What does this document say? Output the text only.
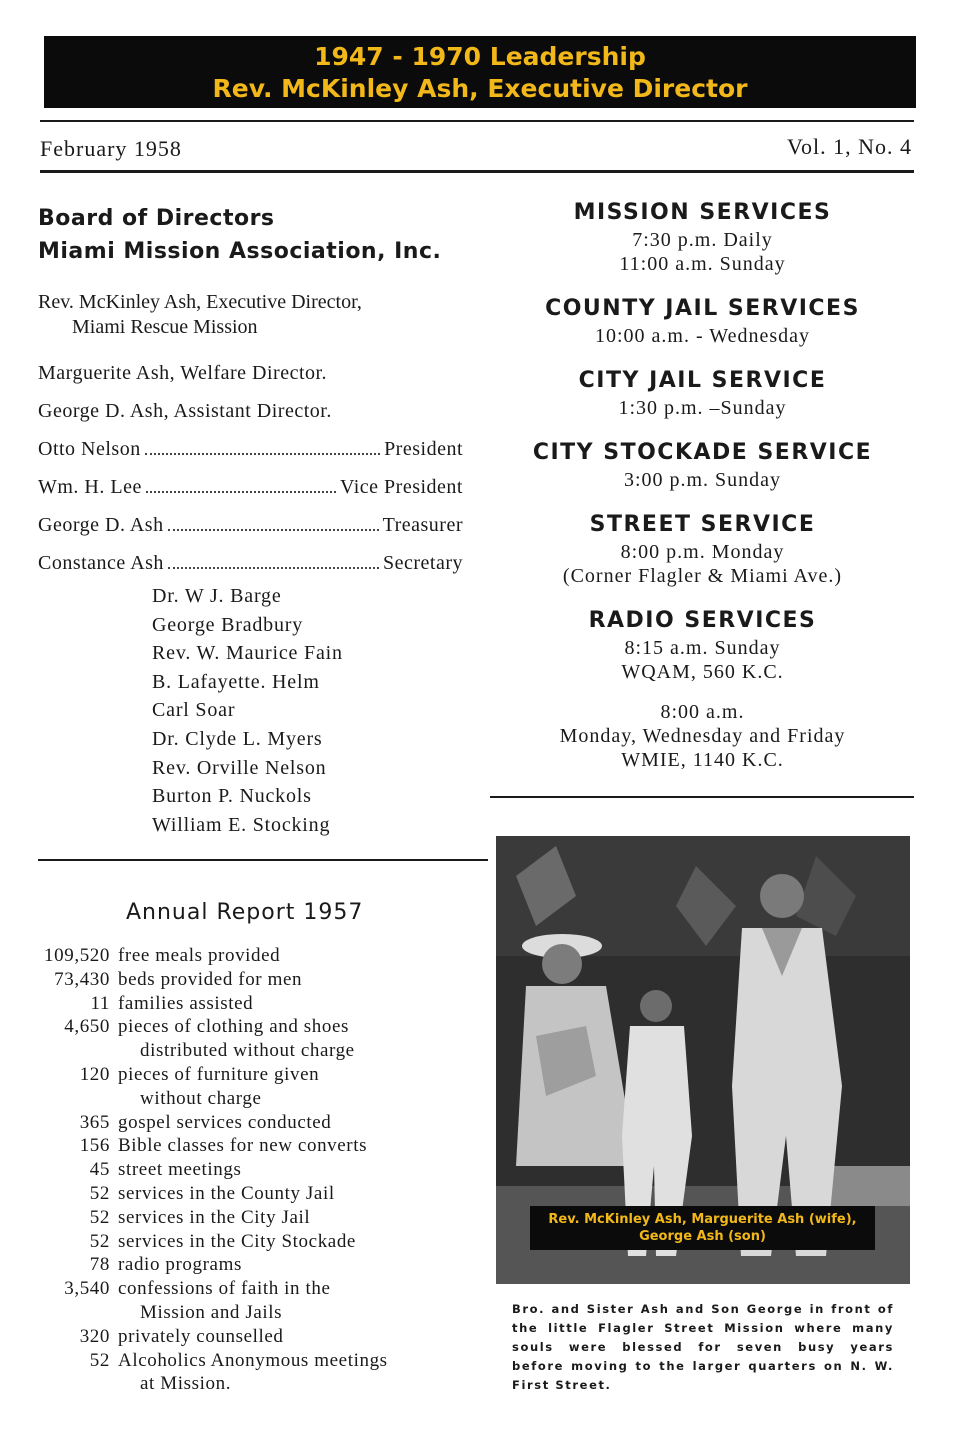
1947 - 1970 Leadership
Rev. McKinley Ash, Executive Director
February 1958	Vol. 1, No. 4
Board of Directors
Miami Mission Association, Inc.
Rev. McKinley Ash, Executive Director,
Miami Rescue Mission
Marguerite Ash, Welfare Director.
George D. Ash, Assistant Director.
Otto Nelson	President
Wm. H. Lee	Vice President
George D. Ash	Treasurer
Constance Ash	Secretary
Dr. W J. Barge
George Bradbury
Rev. W. Maurice Fain
B. Lafayette. Helm
Carl Soar
Dr. Clyde L. Myers
Rev. Orville Nelson
Burton P. Nuckols
William E. Stocking
MISSION SERVICES
7:30 p.m. Daily
11:00 a.m. Sunday
COUNTY JAIL SERVICES
10:00 a.m. - Wednesday
CITY JAIL SERVICE
1:30 p.m. –Sunday
CITY STOCKADE SERVICE
3:00 p.m. Sunday
STREET SERVICE
8:00 p.m. Monday
(Corner Flagler & Miami Ave.)
RADIO SERVICES
8:15 a.m. Sunday
WQAM, 560 K.C.
8:00 a.m.
Monday, Wednesday and Friday
WMIE, 1140 K.C.
Annual Report 1957
109,520 free meals provided
73,430 beds provided for men
11 families assisted
4,650 pieces of clothing and shoes
distributed without charge
120 pieces of furniture given
without charge
365 gospel services conducted
156 Bible classes for new converts
45 street meetings
52 services in the County Jail
52 services in the City Jail
52 services in the City Stockade
78 radio programs
3,540 confessions of faith in the
Mission and Jails
320 privately counselled
52 Alcoholics Anonymous meetings
at Mission.
Rev. McKinley Ash, Marguerite Ash (wife),
George Ash (son)
Bro. and Sister Ash and Son George in front of the little Flagler Street Mission where many souls were blessed for seven busy years before moving to the larger quarters on N. W. First Street.
